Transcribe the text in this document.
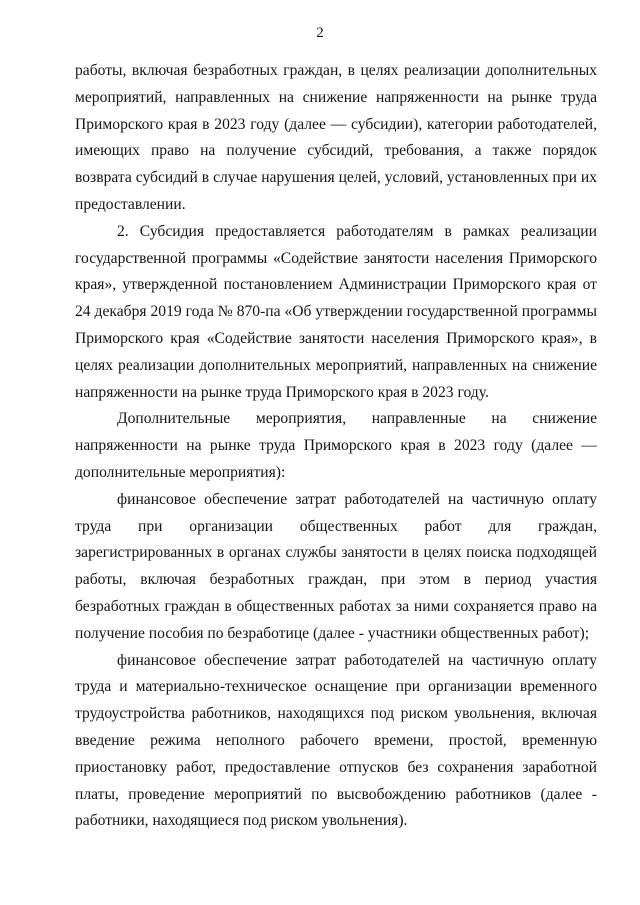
2

работы, включая безработных граждан, в целях реализации дополнительных мероприятий, направленных на снижение напряженности на рынке труда Приморского края в 2023 году (далее — субсидии), категории работодателей, имеющих право на получение субсидий, требования, а также порядок возврата субсидий в случае нарушения целей, условий, установленных при их предоставлении.

2. Субсидия предоставляется работодателям в рамках реализации государственной программы «Содействие занятости населения Приморского края», утвержденной постановлением Администрации Приморского края от 24 декабря 2019 года № 870-па «Об утверждении государственной программы Приморского края «Содействие занятости населения Приморского края», в целях реализации дополнительных мероприятий, направленных на снижение напряженности на рынке труда Приморского края в 2023 году.

Дополнительные мероприятия, направленные на снижение напряженности на рынке труда Приморского края в 2023 году (далее — дополнительные мероприятия):

финансовое обеспечение затрат работодателей на частичную оплату труда при организации общественных работ для граждан, зарегистрированных в органах службы занятости в целях поиска подходящей работы, включая безработных граждан, при этом в период участия безработных граждан в общественных работах за ними сохраняется право на получение пособия по безработице (далее - участники общественных работ);

финансовое обеспечение затрат работодателей на частичную оплату труда и материально-техническое оснащение при организации временного трудоустройства работников, находящихся под риском увольнения, включая введение режима неполного рабочего времени, простой, временную приостановку работ, предоставление отпусков без сохранения заработной платы, проведение мероприятий по высвобождению работников (далее - работники, находящиеся под риском увольнения).
